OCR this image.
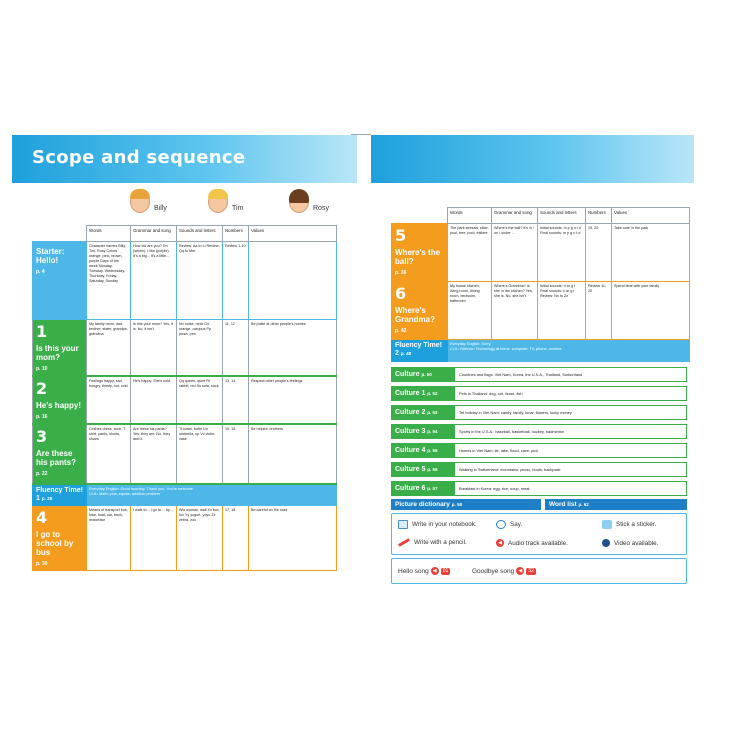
Scope and sequence
Billy	Tim	Rosy
	Words	Grammar and song	Sounds and letters	Numbers	Values

Starter: Hello!
p. 4	Character names Billy, Tim, Rosy Colors orange, pink, brown, purple Days of the week Monday, Tuesday, Wednesday, Thursday, Friday, Saturday, Sunday	How old are you? I'm (seven). I like (purple). It's a big... It's a little...	Review: Aa to Ll Review: Qq to Mm	Review 1-10	

1
Is this your mom?
p. 10	My family mom, dad, brother, sister, grandpa, grandma	Is this your mom? Yes, it is. No, it isn't.	Nn noise, neck Oo orange, octopus Pp pizza, pen	11, 12	Be polite at other people's homes

2
He's happy!
p. 16	Feelings happy, sad, hungry, thirsty, hot, cold	He's happy. She's cold.	Qq queen, quiet Rr rabbit, red Ss sofa, sock	13, 14	Respect other people's feelings

3
Are these his pants?
p. 22	Clothes dress, sock, T-shirt, pants, shorts, shoes	Are these his pants? Yes, they are. No, they aren't.	Tt towel, turtle Uu umbrella, up Vv violin, vase	15, 16	Be helpful: brothers
Fluency Time! 1 p. 28	Everyday English: Good morning. Thank you. You're welcome.
CLIL: Math: plus, equals, addition problem				

4
I go to school by bus
p. 30	Means of transport bus, bike, boat, car, truck, motorbike	I walk to... I go to ... by ...	Ww woman, wall Xx box, fox Yy yogurt, yoyo Zz zebra, zoo	17, 18	Be careful on the road
	Words	Grammar and song	Sounds and letters	Numbers	Values

5
Where's the ball?
p. 36	The park seesaw, slide, pool, tree, pool, frisbee	Where's the ball? It's in / on / under ...	Initial sounds: m p g n t d Final sounds: m p g n t d	19, 20	Take care in the park

6
Where's Grandma?
p. 42	My house kitchen, living room, dining room, bedroom, bathroom	Where's Grandma? Is she in the kitchen? Yes, she is. No, she isn't.	Initial sounds: n ar g t Final sounds: n ar g t Review: Nn to Zz	Review 11-20	Spend time with your family
Fluency Time! 2 p. 48	Everyday English: Sorry.
CLIL: Science: Technology at home: computer, TV, phone, camera				
Culture p. 50	Countries and flags: Viet Nam, Korea, the U.S.A., Thailand, Switzerland
Culture 1 p. 52	Pets in Thailand: dog, cat, lizard, fish
Culture 2 p. 53	Tet holiday in Viet Nam: candy, family, lunar, flowers, lucky money
Culture 3 p. 54	Sports in the U.S.A.: baseball, basketball, hockey, badminton
Culture 4 p. 55	Homes in Viet Nam: tie, lake, flood, cave, pick
Culture 5 p. 56	Walking in Switzerland: mountains, picnic, boots, backpack
Culture 6 p. 57	Breakfast in Korea: egg, rice, soup, meat
Picture dictionary p. 58	Word list p. 62
Write in your notebook.	Say.	Stick a sticker.
Write with a pencil.	◀ Audio track available.	Video available.
Hello song ◀	01	Goodbye song ◀	32
